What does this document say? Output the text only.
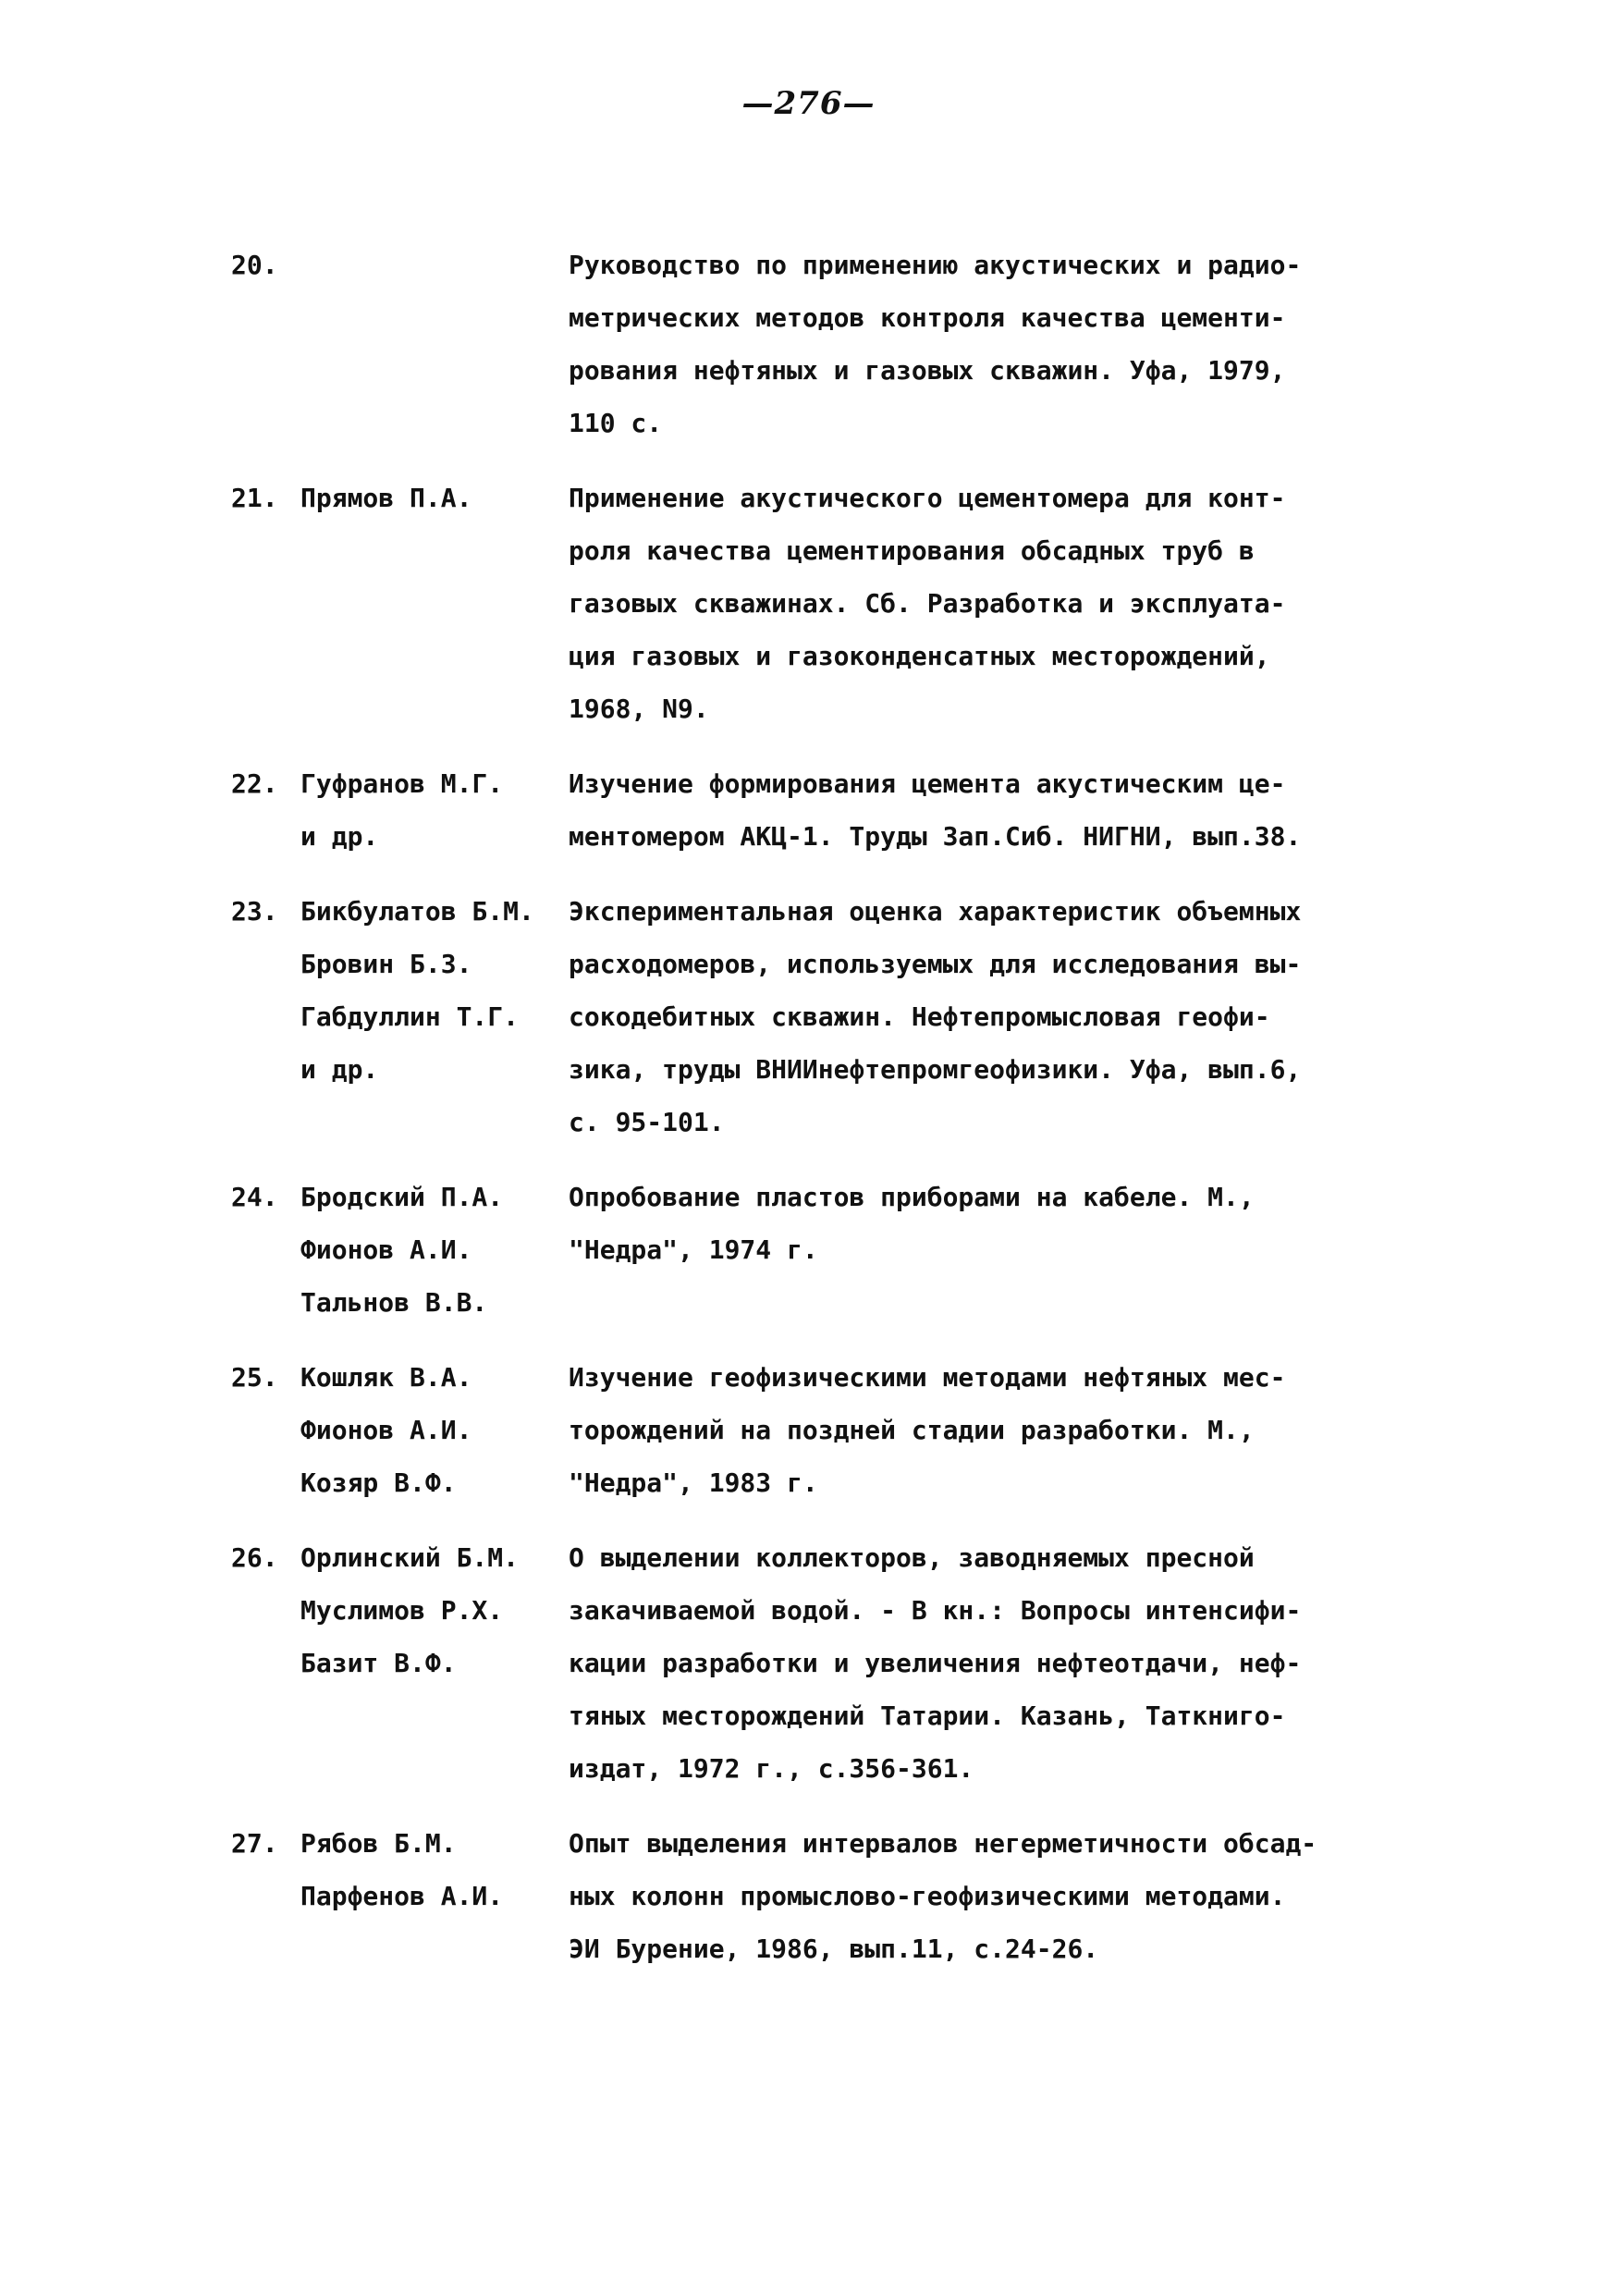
—276—
20.	Руководство по применению акустических и радио-
метрических методов контроля качества цементи-
рования нефтяных и газовых скважин. Уфа, 1979,
110 с.
21. Прямов П.А.	Применение акустического цементомера для конт-
роля качества цементирования обсадных труб в
газовых скважинах. Сб. Разработка и эксплуата-
ция газовых и газоконденсатных месторождений,
1968, N9.
22. Гуфранов М.Г.
и др.
Изучение формирования цемента акустическим це-
ментомером АКЦ-1. Труды Зап.Сиб. НИГНИ, вып.38.
23. Бикбулатов Б.М.
Бровин Б.З.
Габдуллин Т.Г.
и др.
Экспериментальная оценка характеристик объемных
расходомеров, используемых для исследования вы-
сокодебитных скважин. Нефтепромысловая геофи-
зика, труды ВНИИнефтепромгеофизики. Уфа, вып.6,
с. 95-101.
24. Бродский П.А.
Фионов А.И.
Тальнов В.В.
Опробование пластов приборами на кабеле. М.,
"Недра", 1974 г.
25. Кошляк В.А.
Фионов А.И.
Козяр В.Ф.
Изучение геофизическими методами нефтяных мес-
торождений на поздней стадии разработки. М.,
"Недра", 1983 г.
26. Орлинский Б.М.
Муслимов Р.Х.
Базит В.Ф.
О выделении коллекторов, заводняемых пресной
закачиваемой водой. - В кн.: Вопросы интенсифи-
кации разработки и увеличения нефтеотдачи, неф-
тяных месторождений Татарии. Казань, Таткниго-
издат, 1972 г., с.356-361.
27. Рябов Б.М.
Парфенов А.И.
Опыт выделения интервалов негерметичности обсад-
ных колонн промыслово-геофизическими методами.
ЭИ Бурение, 1986, вып.11, с.24-26.
